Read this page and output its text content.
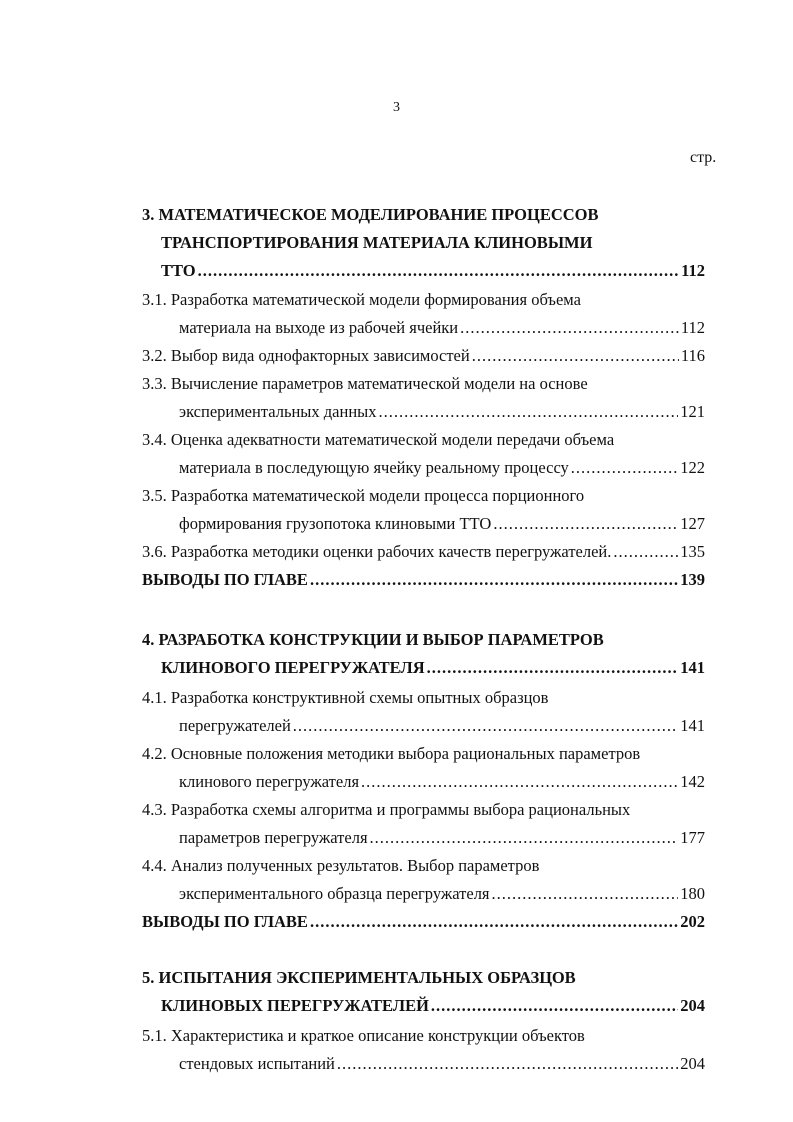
3
стр.
3. МАТЕМАТИЧЕСКОЕ МОДЕЛИРОВАНИЕ ПРОЦЕССОВ
ТРАНСПОРТИРОВАНИЯ МАТЕРИАЛА КЛИНОВЫМИ
ТТО .....	112
3.1. Разработка математической модели формирования объема
материала на выходе из рабочей ячейки .....	112
3.2. Выбор вида однофакторных зависимостей .....	116
3.3. Вычисление параметров математической модели на основе
экспериментальных данных .....	121
3.4. Оценка адекватности математической модели передачи объема
материала в последующую ячейку реальному процессу .....	122
3.5. Разработка математической модели процесса порционного
формирования грузопотока клиновыми ТТО .....	127
3.6. Разработка методики оценки рабочих качеств перегружателей. .....	135
ВЫВОДЫ ПО ГЛАВЕ .....	139
4. РАЗРАБОТКА КОНСТРУКЦИИ И ВЫБОР ПАРАМЕТРОВ
КЛИНОВОГО ПЕРЕГРУЖАТЕЛЯ .....	141
4.1. Разработка конструктивной схемы опытных образцов
перегружателей .....	141
4.2. Основные положения методики выбора рациональных параметров
клинового перегружателя .....	142
4.3. Разработка схемы алгоритма и программы выбора рациональных
параметров перегружателя .....	177
4.4. Анализ полученных результатов. Выбор параметров
экспериментального образца перегружателя .....	180
ВЫВОДЫ ПО ГЛАВЕ .....	202
5. ИСПЫТАНИЯ ЭКСПЕРИМЕНТАЛЬНЫХ ОБРАЗЦОВ
КЛИНОВЫХ ПЕРЕГРУЖАТЕЛЕЙ .....	204
5.1. Характеристика и краткое описание конструкции объектов
стендовых испытаний .....	204
